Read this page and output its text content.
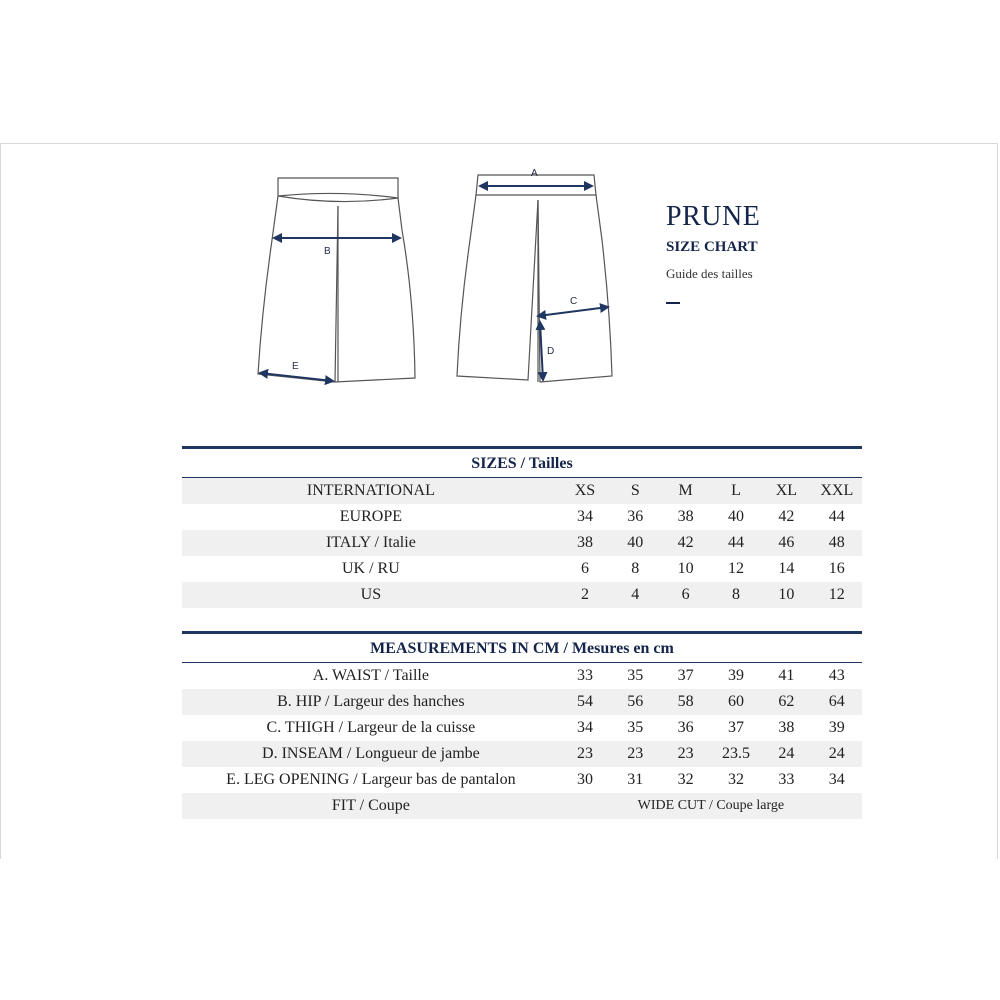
B
E
A
C
D
PRUNE
SIZE CHART
Guide des tailles
SIZES / Tailles						
INTERNATIONAL	XS	S	M	L	XL	XXL
EUROPE	34	36	38	40	42	44
ITALY / Italie	38	40	42	44	46	48
UK / RU	6	8	10	12	14	16
US	2	4	6	8	10	12
MEASUREMENTS IN CM / Mesures en cm						
A. WAIST / Taille	33	35	37	39	41	43
B. HIP / Largeur des hanches	54	56	58	60	62	64
C. THIGH / Largeur de la cuisse	34	35	36	37	38	39
D. INSEAM / Longueur de jambe	23	23	23	23.5	24	24
E. LEG OPENING / Largeur bas de pantalon	30	31	32	32	33	34
FIT / Coupe	WIDE CUT / Coupe large					
